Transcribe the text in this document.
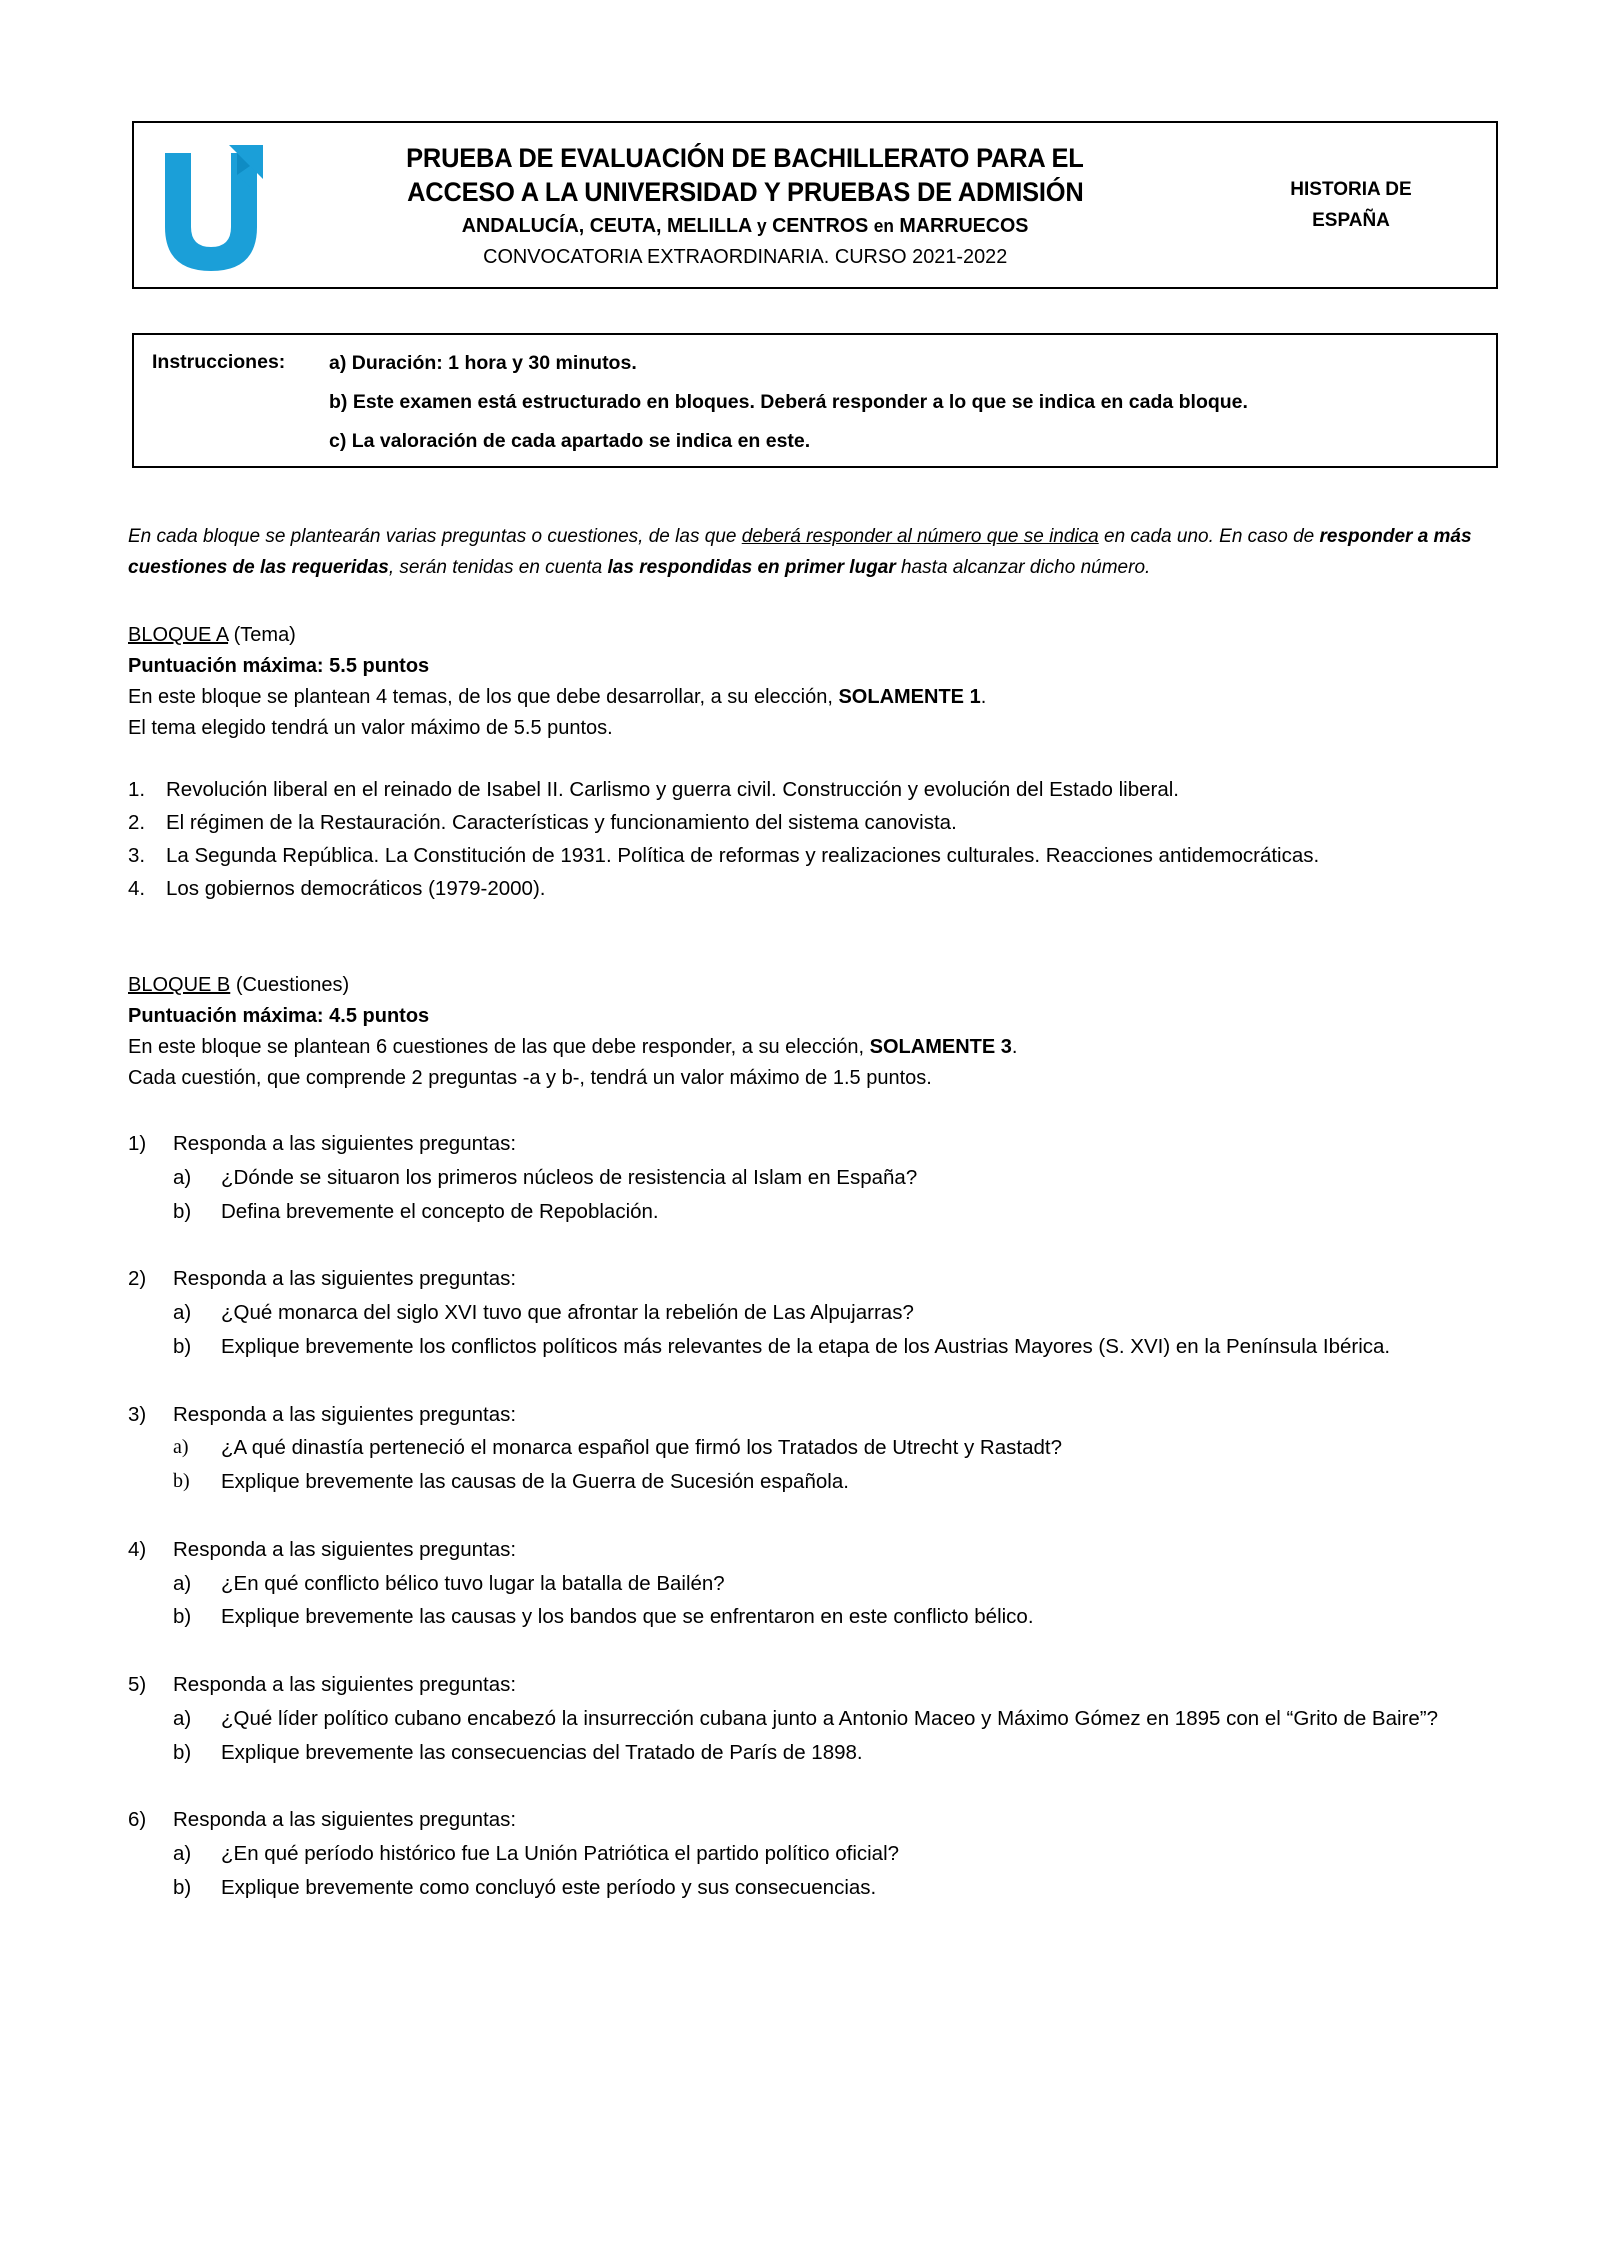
PRUEBA DE EVALUACIÓN DE BACHILLERATO PARA EL
ACCESO A LA UNIVERSIDAD Y PRUEBAS DE ADMISIÓN
ANDALUCÍA, CEUTA, MELILLA y CENTROS en MARRUECOS
CONVOCATORIA EXTRAORDINARIA. CURSO 2021-2022
HISTORIA DE
ESPAÑA
Instrucciones:	a) Duración: 1 hora y 30 minutos.
b) Este examen está estructurado en bloques. Deberá responder a lo que se indica en cada bloque.
c) La valoración de cada apartado se indica en este.
En cada bloque se plantearán varias preguntas o cuestiones, de las que deberá responder al número que se indica en cada uno. En caso de responder a más cuestiones de las requeridas, serán tenidas en cuenta las respondidas en primer lugar hasta alcanzar dicho número.
BLOQUE A (Tema)
Puntuación máxima: 5.5 puntos
En este bloque se plantean 4 temas, de los que debe desarrollar, a su elección, SOLAMENTE 1.
El tema elegido tendrá un valor máximo de 5.5 puntos.
1.	Revolución liberal en el reinado de Isabel II. Carlismo y guerra civil. Construcción y evolución del Estado liberal.
2.	El régimen de la Restauración. Características y funcionamiento del sistema canovista.
3.	La Segunda República. La Constitución de 1931. Política de reformas y realizaciones culturales. Reacciones antidemocráticas.
4.	Los gobiernos democráticos (1979-2000).
BLOQUE B (Cuestiones)
Puntuación máxima: 4.5 puntos
En este bloque se plantean 6 cuestiones de las que debe responder, a su elección, SOLAMENTE 3.
Cada cuestión, que comprende 2 preguntas -a y b-, tendrá un valor máximo de 1.5 puntos.
1)	Responda a las siguientes preguntas:
a)	¿Dónde se situaron los primeros núcleos de resistencia al Islam en España?
b)	Defina brevemente el concepto de Repoblación.
2)	Responda a las siguientes preguntas:
a)	¿Qué monarca del siglo XVI tuvo que afrontar la rebelión de Las Alpujarras?
b)	Explique brevemente los conflictos políticos más relevantes de la etapa de los Austrias Mayores (S. XVI) en la Península Ibérica.
3)	Responda a las siguientes preguntas:
a)	¿A qué dinastía perteneció el monarca español que firmó los Tratados de Utrecht y Rastadt?
b)	Explique brevemente las causas de la Guerra de Sucesión española.
4)	Responda a las siguientes preguntas:
a)	¿En qué conflicto bélico tuvo lugar la batalla de Bailén?
b)	Explique brevemente las causas y los bandos que se enfrentaron en este conflicto bélico.
5)	Responda a las siguientes preguntas:
a)	¿Qué líder político cubano encabezó la insurrección cubana junto a Antonio Maceo y Máximo Gómez en 1895 con el “Grito de Baire”?
b)	Explique brevemente las consecuencias del Tratado de París de 1898.
6)	Responda a las siguientes preguntas:
a)	¿En qué período histórico fue La Unión Patriótica el partido político oficial?
b)	Explique brevemente como concluyó este período y sus consecuencias.
